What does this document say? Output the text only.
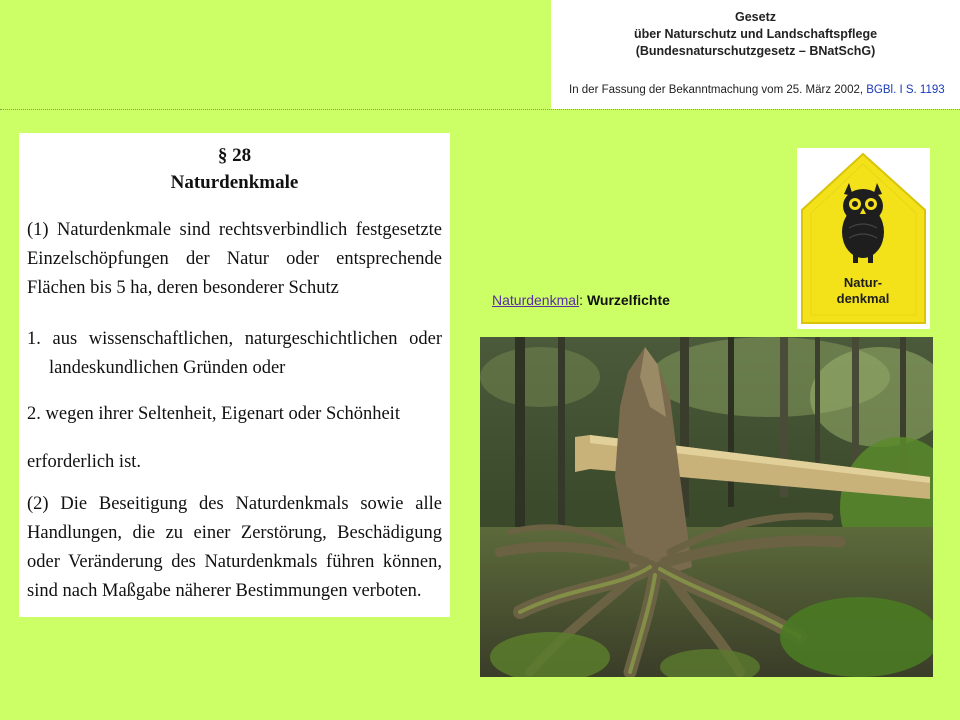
Gesetz
über Naturschutz und Landschaftspflege
(Bundesnaturschutzgesetz – BNatSchG)
In der Fassung der Bekanntmachung vom 25. März 2002, BGBl. I S. 1193
§ 28
Naturdenkmale
(1) Naturdenkmale sind rechtsverbindlich festgesetzte Einzelschöpfungen der Natur oder entsprechende Flächen bis 5 ha, deren besonderer Schutz
1. aus wissenschaftlichen, naturgeschichtlichen oder landeskundlichen Gründen oder
2. wegen ihrer Seltenheit, Eigenart oder Schönheit
erforderlich ist.
(2) Die Beseitigung des Naturdenkmals sowie alle Handlungen, die zu einer Zerstörung, Beschädigung oder Veränderung des Naturdenkmals führen können, sind nach Maßgabe näherer Bestimmungen verboten.
Naturdenkmal: Wurzelfichte
Natur-
denkmal
